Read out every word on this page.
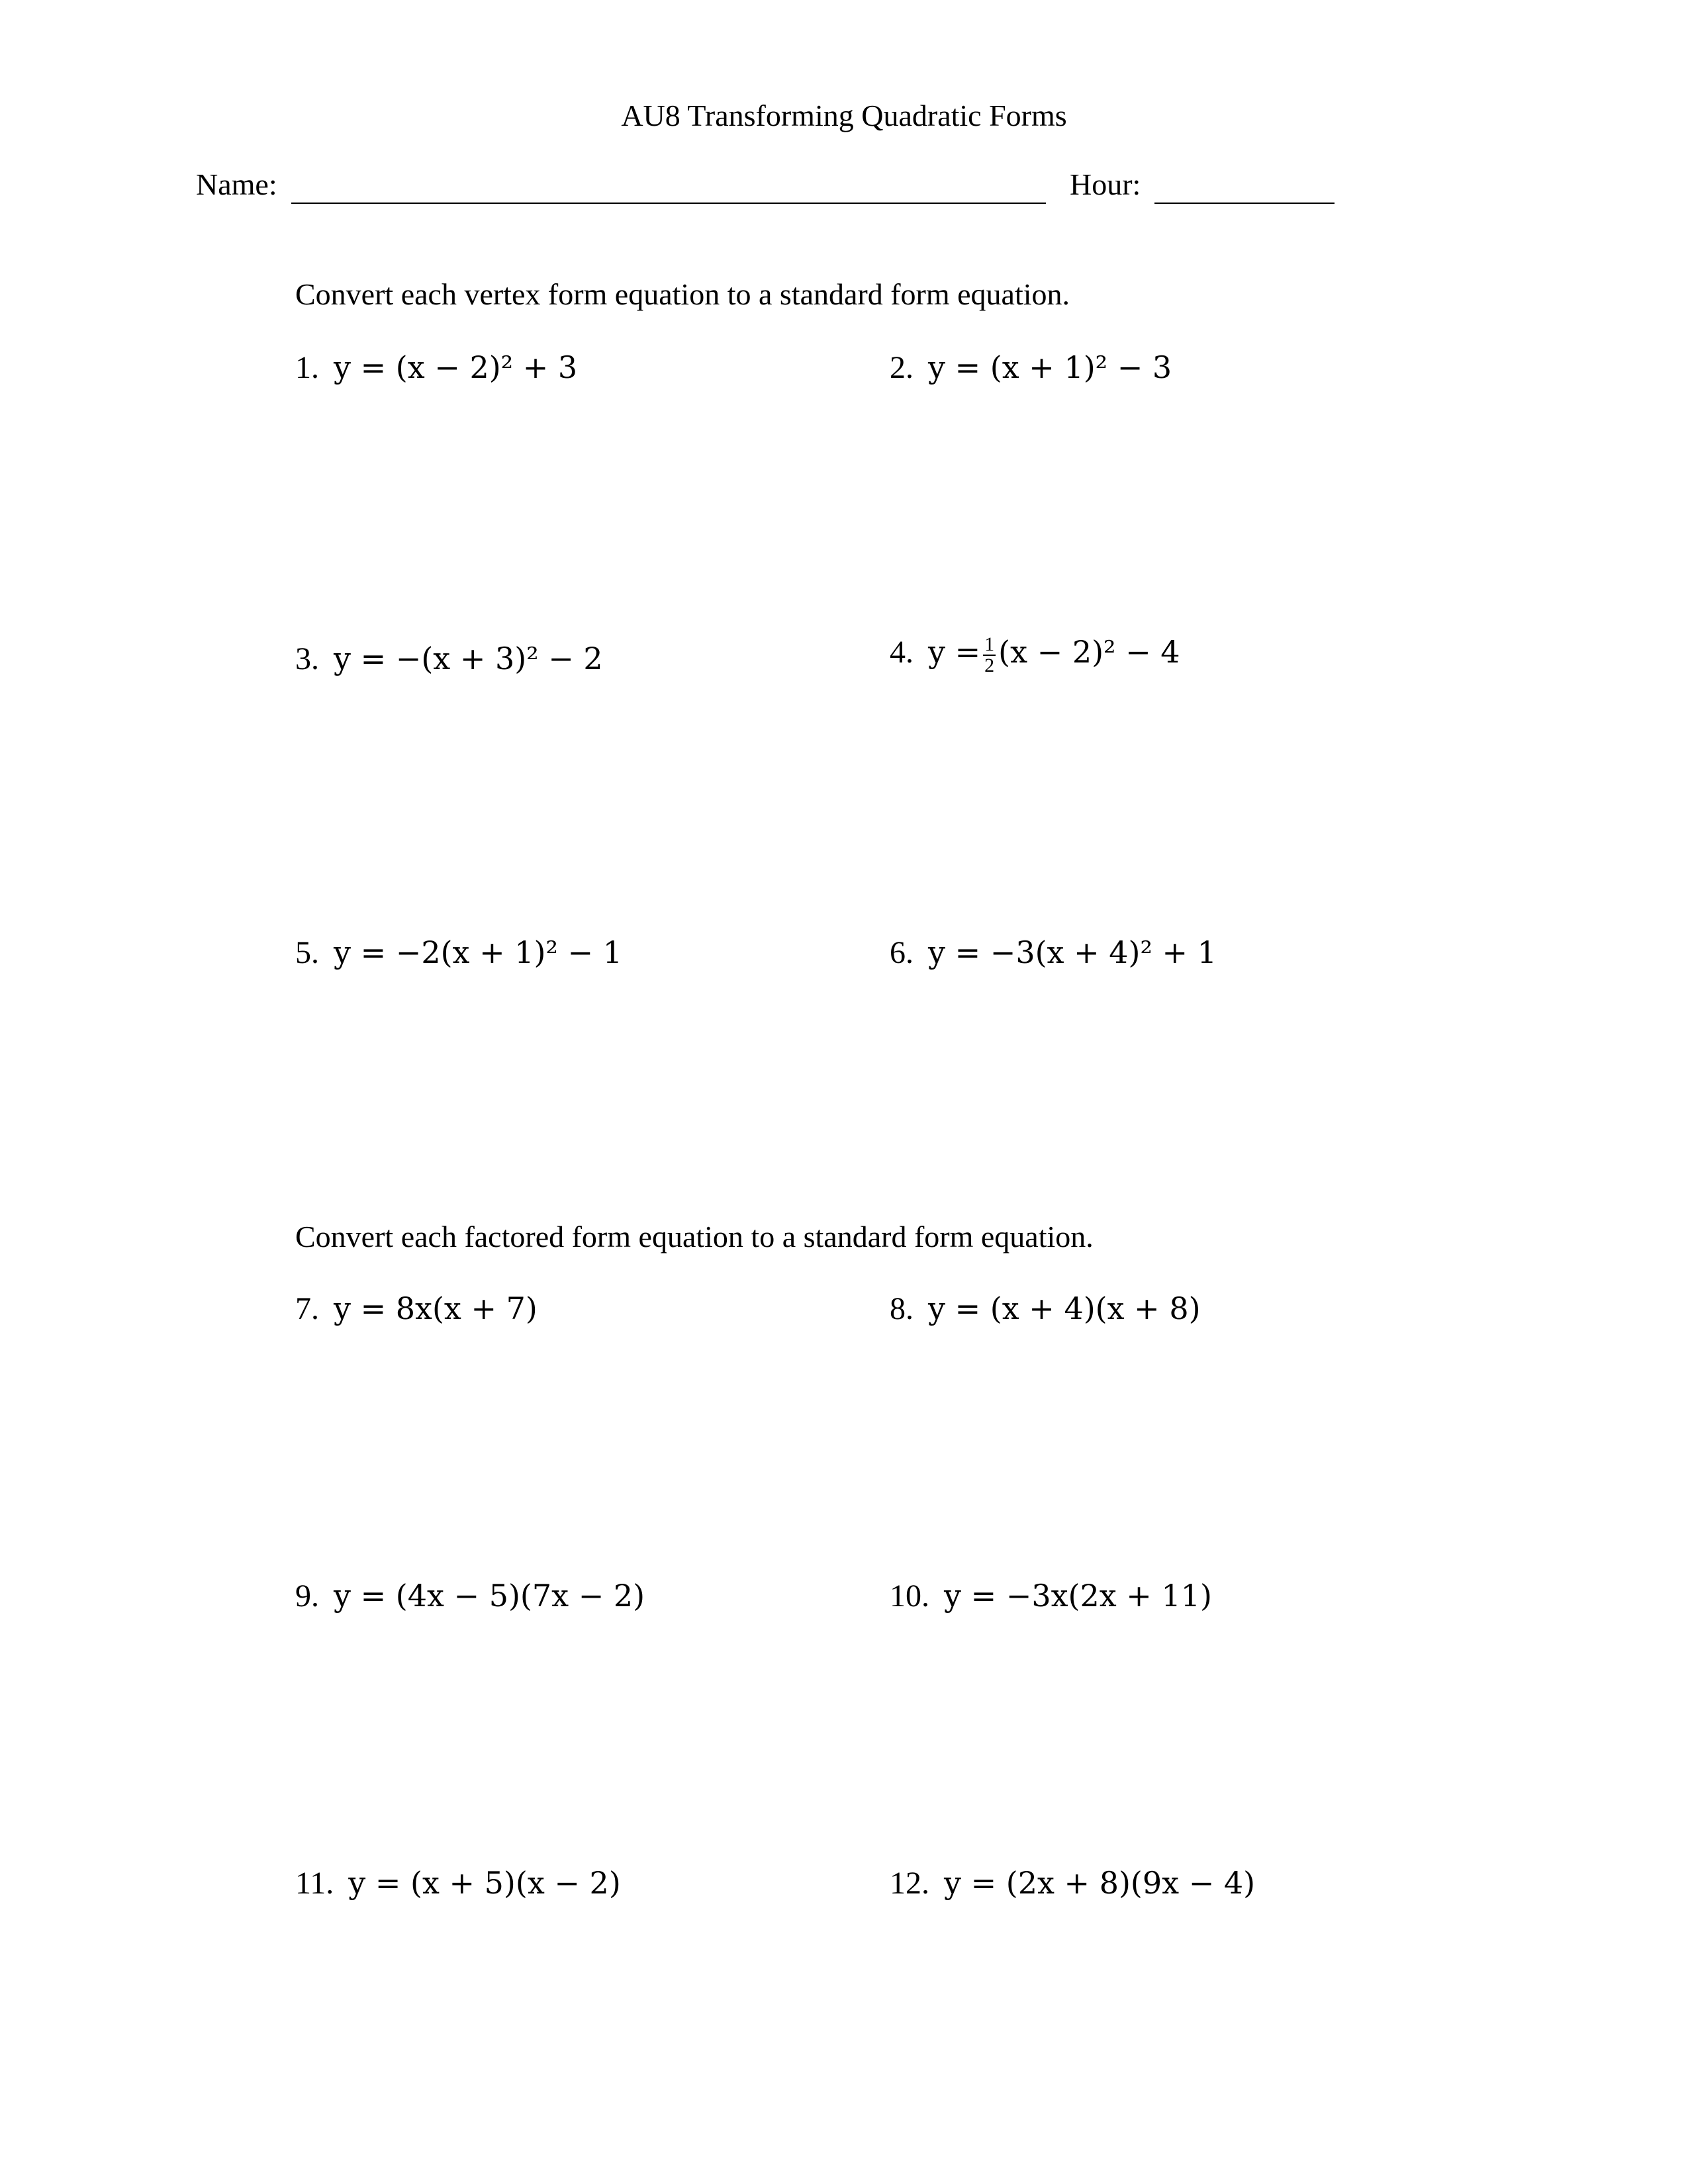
AU8 Transforming Quadratic Forms
Name:	Hour:
Convert each vertex form equation to a standard form equation.
1. y = (x − 2)² + 3	2. y = (x + 1)² − 3
3. y = −(x + 3)² − 2	4. $y = \frac{1}{2} (x - 2)^2 - 4$
5. y = −2(x + 1)² − 1	6. y = −3(x + 4)² + 1
Convert each factored form equation to a standard form equation.
7. y = 8x(x + 7)	8. y = (x + 4)(x + 8)
9. y = (4x − 5)(7x − 2)	10. y = −3x(2x + 11)
11. y = (x + 5)(x − 2)	12. y = (2x + 8)(9x − 4)
